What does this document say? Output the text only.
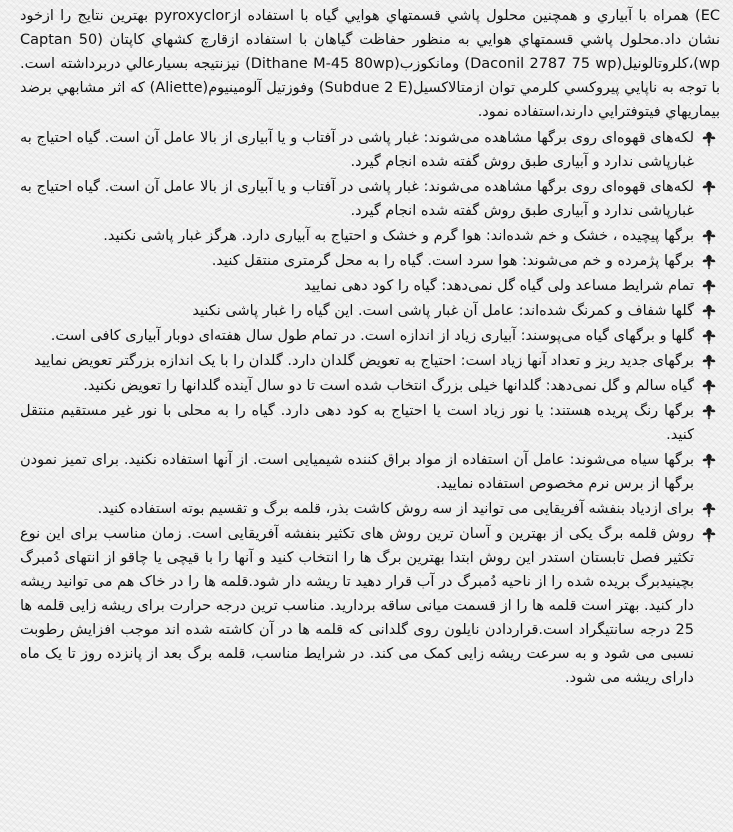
EC) همراه با آبياري و همچنين محلول پاشي قسمتهاي هوايي گياه با استفاده ازpyroxyclor بهترين نتايج را ازخود نشان داد.محلول پاشي قسمتهاي هوايي به منظور حفاظت گياهان با استفاده ازقارچ كشهاي كاپتان (Captan 50 wp)،كلروتالونيل(Daconil 2787 75 wp) ومانكوزب(Dithane M-45 80wp) نيزنتيجه بسيارعالي دربرداشته است. با توجه به ناپايي پيروكسي كلرمي توان ازمتالاكسيل(Subdue 2 E) وفوزتيل آلومينيوم(Aliette) كه اثر مشابهي برضد بيماريهاي فيتوفترايي دارند،استفاده نمود.

لکه‌های قهوه‌ای روی برگها مشاهده می‌شوند: غبار پاشی در آفتاب و یا آبیاری از بالا عامل آن است. گیاه احتیاج به غبارپاشی ندارد و آبیاری طبق روش گفته شده انجام گیرد.
لکه‌های قهوه‌ای روی برگها مشاهده می‌شوند: غبار پاشی در آفتاب و یا آبیاری از بالا عامل آن است. گیاه احتیاج به غبارپاشی ندارد و آبیاری طبق روش گفته شده انجام گیرد.
برگها پیچیده ، خشک و خم شده‌اند: هوا گرم و خشک و احتیاج به آبیاری دارد. هرگز غبار پاشی نکنید.
برگها پژمرده و خم می‌شوند: هوا سرد است. گیاه را به محل گرمتری منتقل کنید.
تمام شرایط مساعد ولی گیاه گل نمی‌دهد: گیاه را کود دهی نمایید
گلها شفاف و کمرنگ شده‌اند: عامل آن غبار پاشی است. این گیاه را غبار پاشی نکنید
گلها و برگهای گیاه می‌پوسند: آبیاری زیاد از اندازه است. در تمام طول سال هفته‌ای دوبار آبیاری کافی است.
برگهای جدید ریز و تعداد آنها زیاد است: احتیاج به تعویض گلدان دارد. گلدان را با یک اندازه بزرگتر تعویض نمایید
گیاه سالم و گل نمی‌دهد: گلدانها خیلی بزرگ انتخاب شده است تا دو سال آینده گلدانها را تعویض نکنید.
برگها رنگ پریده هستند: یا نور زیاد است یا احتیاج به کود دهی دارد. گیاه را به محلی با نور غیر مستقیم منتقل کنید.
برگها سیاه می‌شوند: عامل آن استفاده از مواد براق کننده شیمیایی است. از آنها استفاده نکنید. برای تمیز نمودن برگها از برس نرم مخصوص استفاده نمایید.
برای ازدیاد بنفشه آفریقایی می توانید از سه روش کاشت بذر، قلمه برگ و تقسیم بوته استفاده کنید.
روش قلمه برگ یکی از بهترین و آسان ترین روش های تکثیر بنفشه آفریقایی است. زمان مناسب برای این نوع تکثیر فصل تابستان استدر این روش ابتدا بهترین برگ ها را انتخاب کنید و آنها را با قیچی یا چاقو از انتهای دُمبرگ بچینیدبرگ بریده شده را از ناحیه دُمبرگ در آب قرار دهید تا ریشه دار شود.قلمه ها را در خاک هم می توانید ریشه دار کنید. بهتر است قلمه ها را از قسمت میانی ساقه بردارید. مناسب ترین درجه حرارت برای ریشه زایی قلمه ها 25 درجه سانتیگراد است.قراردادن نایلون روی گلدانی که قلمه ها در آن کاشته شده اند موجب افزایش رطوبت نسبی می شود و به سرعت ریشه زایی کمک می کند. در شرایط مناسب، قلمه برگ بعد از پانزده روز تا یک ماه دارای ریشه می شود.
